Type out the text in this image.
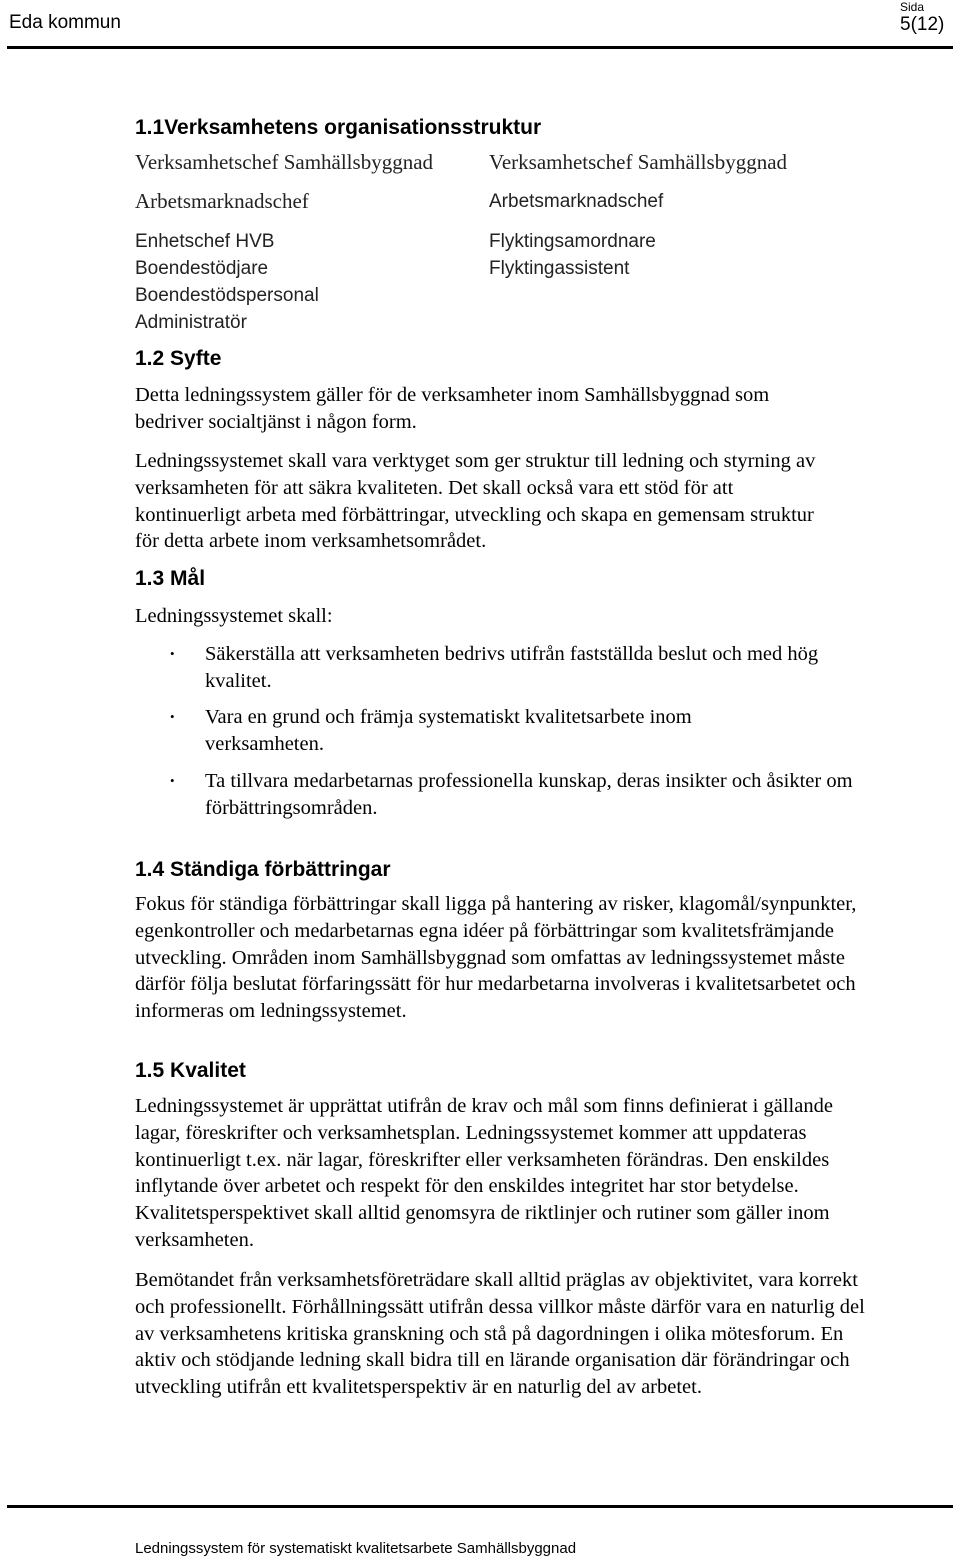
Eda kommun
Sida
5(12)
1.1Verksamhetens organisationsstruktur
Verksamhetschef Samhällsbyggnad
Arbetsmarknadschef
Enhetschef HVB
Boendestödjare
Boendestödspersonal
Administratör
Verksamhetschef Samhällsbyggnad
Arbetsmarknadschef
Flyktingsamordnare
Flyktingassistent
1.2 Syfte

Detta ledningssystem gäller för de verksamheter inom Samhällsbyggnad som bedriver socialtjänst i någon form.

Ledningssystemet skall vara verktyget som ger struktur till ledning och styrning av verksamheten för att säkra kvaliteten. Det skall också vara ett stöd för att kontinuerligt arbeta med förbättringar, utveckling och skapa en gemensam struktur för detta arbete inom verksamhetsområdet.

1.3 Mål

Ledningssystemet skall:

• Säkerställa att verksamheten bedrivs utifrån fastställda beslut och med hög kvalitet.
• Vara en grund och främja systematiskt kvalitetsarbete inom verksamheten.
• Ta tillvara medarbetarnas professionella kunskap, deras insikter och åsikter om förbättringsområden.
1.4 Ständiga förbättringar

Fokus för ständiga förbättringar skall ligga på hantering av risker, klagomål/synpunkter, egenkontroller och medarbetarnas egna idéer på förbättringar som kvalitetsfrämjande utveckling. Områden inom Samhällsbyggnad som omfattas av ledningssystemet måste därför följa beslutat förfaringssätt för hur medarbetarna involveras i kvalitetsarbetet och informeras om ledningssystemet.

1.5 Kvalitet

Ledningssystemet är upprättat utifrån de krav och mål som finns definierat i gällande lagar, föreskrifter och verksamhetsplan. Ledningssystemet kommer att uppdateras kontinuerligt t.ex. när lagar, föreskrifter eller verksamheten förändras. Den enskildes inflytande över arbetet och respekt för den enskildes integritet har stor betydelse. Kvalitetsperspektivet skall alltid genomsyra de riktlinjer och rutiner som gäller inom verksamheten.

Bemötandet från verksamhetsföreträdare skall alltid präglas av objektivitet, vara korrekt och professionellt. Förhållningssätt utifrån dessa villkor måste därför vara en naturlig del av verksamhetens kritiska granskning och stå på dagordningen i olika mötesforum. En aktiv och stödjande ledning skall bidra till en lärande organisation där förändringar och utveckling utifrån ett kvalitetsperspektiv är en naturlig del av arbetet.

Ledningssystem för systematiskt kvalitetsarbete Samhällsbyggnad
